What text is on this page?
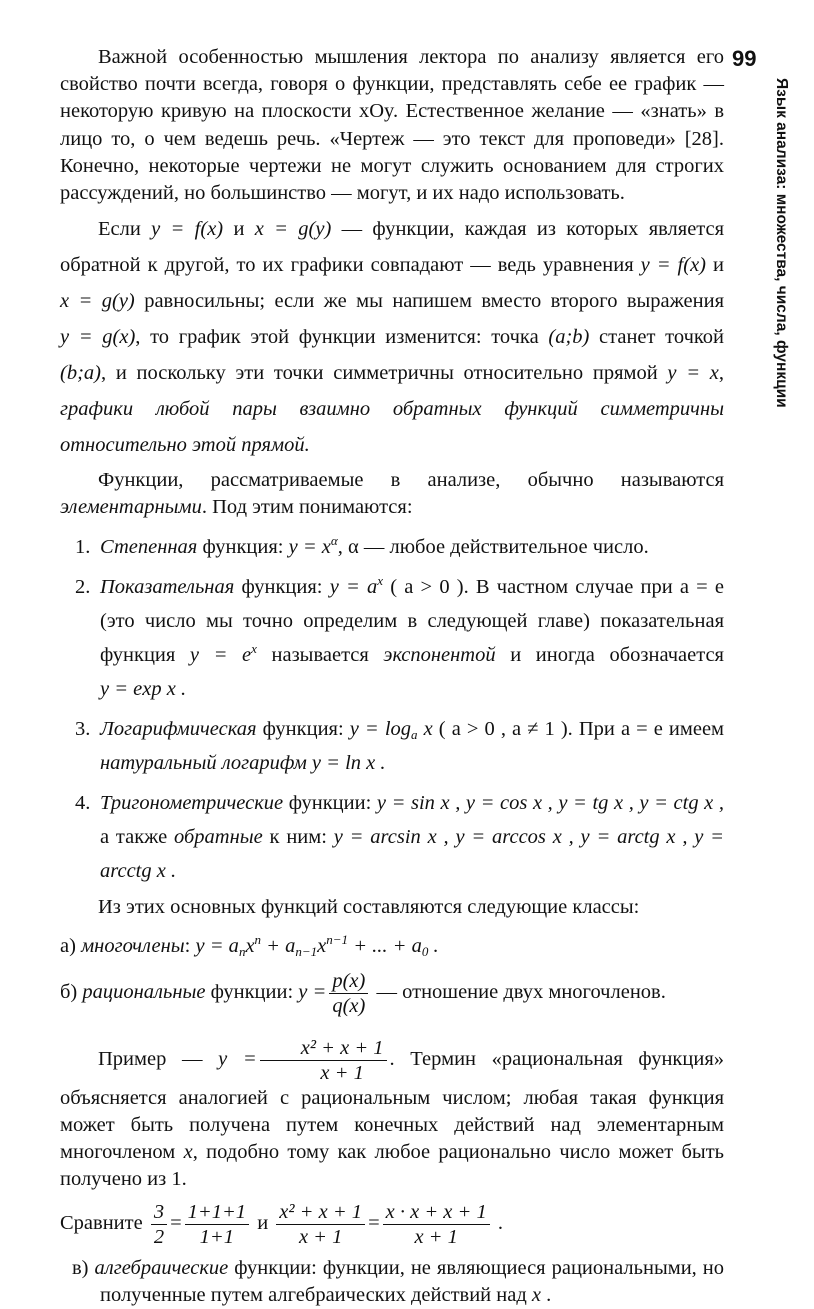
99
Язык анализа: множества, числа, функции

Важной особенностью мышления лектора по анализу является его свойство почти всегда, говоря о функции, представлять себе ее график — некоторую кривую на плоскости xOy. Естественное желание — «знать» в лицо то, о чем ведешь речь. «Чертеж — это текст для проповеди» [28]. Конечно, некоторые чертежи не могут служить основанием для строгих рассуждений, но большинство — могут, и их надо использовать.

Если y = f(x) и x = g(y) — функции, каждая из которых является обратной к другой, то их графики совпадают — ведь уравнения y = f(x) и x = g(y) равносильны; если же мы напишем вместо второго выражения y = g(x), то график этой функции изменится: точка (a;b) станет точкой (b;a), и поскольку эти точки симметричны относительно прямой y = x, графики любой пары взаимно обратных функций симметричны относительно этой прямой.

Функции, рассматриваемые в анализе, обычно называются элементарными. Под этим понимаются:

1. Степенная функция: $y = x^\alpha$, α — любое действительное число.
2. Показательная функция: $y = a^x$ ( a > 0 ). В частном случае при a = e (это число мы точно определим в следующей главе) показательная функция $y = e^x$ называется экспонентой и иногда обозначается y = exp x .
3. Логарифмическая функция: $y = \log_a x$ ( a > 0 , a ≠ 1 ). При a = e имеем натуральный логарифм y = ln x .
4. Тригонометрические функции: y = sin x , y = cos x , y = tg x , y = ctg x , а также обратные к ним: y = arcsin x , y = arccos x , y = arctg x , y = arcctg x .

Из этих основных функций составляются следующие классы:

а) многочлены: $y = a_nx^n + a_{n-1}x^{n-1}$ + ... + $a_0$ .
б) рациональные функции: $y = \frac{p(x)}{q(x)}$ — отношение двух многочленов.

Пример — $y = \frac{\text{x² + x + 1}}{x + 1}$ . Термин «рациональная функция» объясняется аналогией с рациональным числом; любая такая функция может быть получена путем конечных действий над элементарным многочленом x, подобно тому как любое рационально число может быть получено из 1.

Сравните $\frac{3}{2} = \frac{1+1+1}{1+1}$ и $\frac{\text{x² + x + 1}}{x + 1} = \frac{x \cdot x + x + 1}{x + 1}$ .

в) алгебраические функции: функции, не являющиеся рациональными, но полученные путем алгебраических действий над x .
